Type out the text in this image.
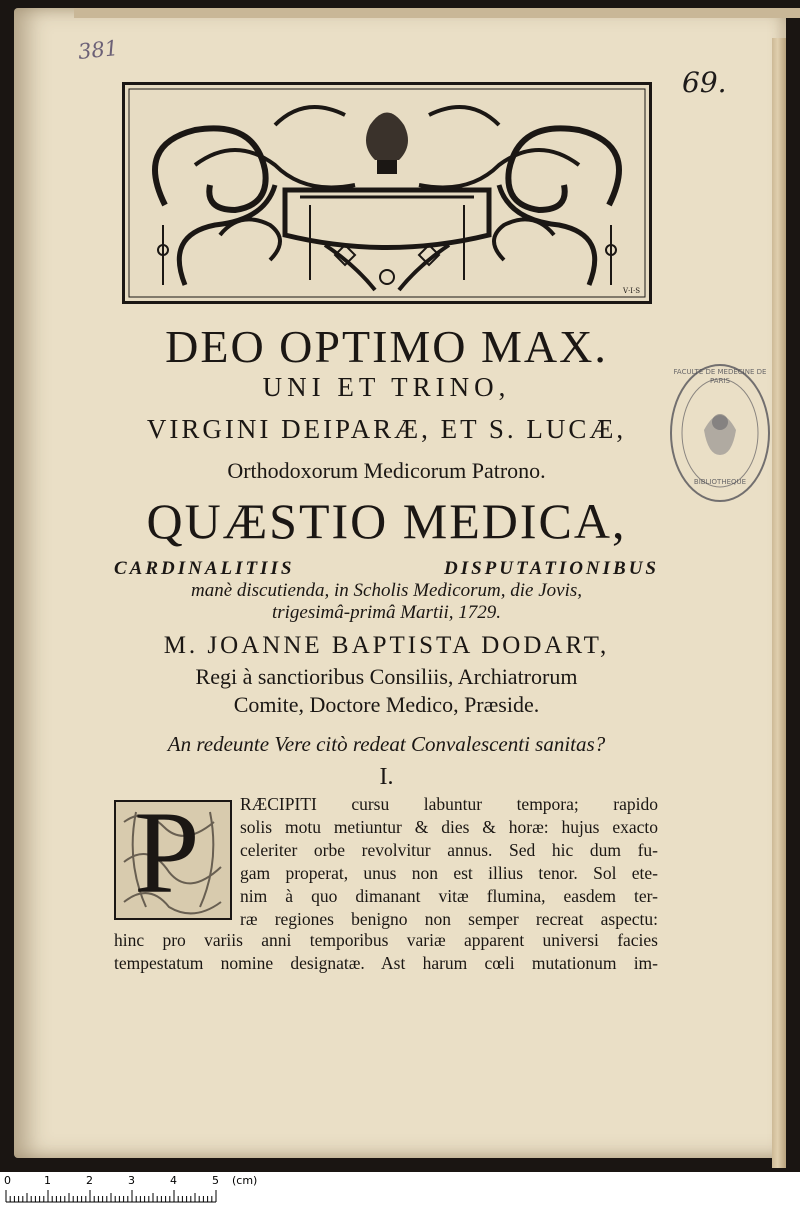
381
69.
V·I·S
FACULTE DE MEDECINE DE PARIS
BIBLIOTHEQUE
DEO OPTIMO MAX.
UNI ET TRINO,
VIRGINI DEIPARÆ, ET S. LUCÆ,
Orthodoxorum Medicorum Patrono.
QUÆSTIO MEDICA,
CARDINALITIIS DISPUTATIONIBUS
manè discutienda, in Scholis Medicorum, die Jovis,
trigesimâ-primâ Martii, 1729.
M. JOANNE BAPTISTA DODART,
Regi à sanctioribus Consiliis, Archiatrorum
Comite, Doctore Medico, Præside.
An redeunte Vere citò redeat Convalescenti sanitas?
I.
P RÆCIPITI cursu labuntur tempora; rapido
solis motu metiuntur & dies & horæ: hujus exacto
celeriter orbe revolvitur annus. Sed hic dum fu-
gam properat, unus non est illius tenor. Sol ete-
nim à quo dimanant vitæ flumina, easdem ter-
ræ regiones benigno non semper recreat aspectu:
hinc pro variis anni temporibus variæ apparent universi facies
tempestatum nomine designatæ. Ast harum cœli mutationum im-
0	1	2	3	4	5 (cm)
